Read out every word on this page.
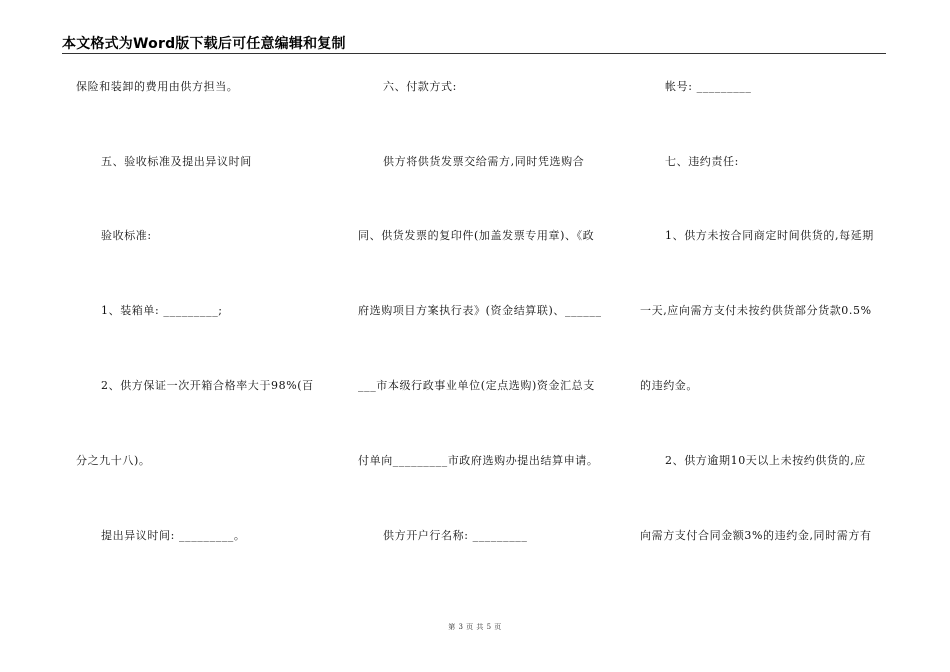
本文格式为Word版下载后可任意编辑和复制
保险和装卸的费用由供方担当。
五、验收标准及提出异议时间
验收标准:
1、装箱单: _________;
2、供方保证一次开箱合格率大于98%(百
分之九十八)。
提出异议时间: _________。
六、付款方式:
供方将供货发票交给需方,同时凭选购合
同、供货发票的复印件(加盖发票专用章)、《政
府选购项目方案执行表》(资金结算联)、______
___市本级行政事业单位(定点选购)资金汇总支
付单向_________市政府选购办提出结算申请。
供方开户行名称: _________
帐号: _________
七、违约责任:
1、供方未按合同商定时间供货的,每延期
一天,应向需方支付未按约供货部分货款0.5%
的违约金。
2、供方逾期10天以上未按约供货的,应
向需方支付合同金额3%的违约金,同时需方有
第 3 页 共 5 页
